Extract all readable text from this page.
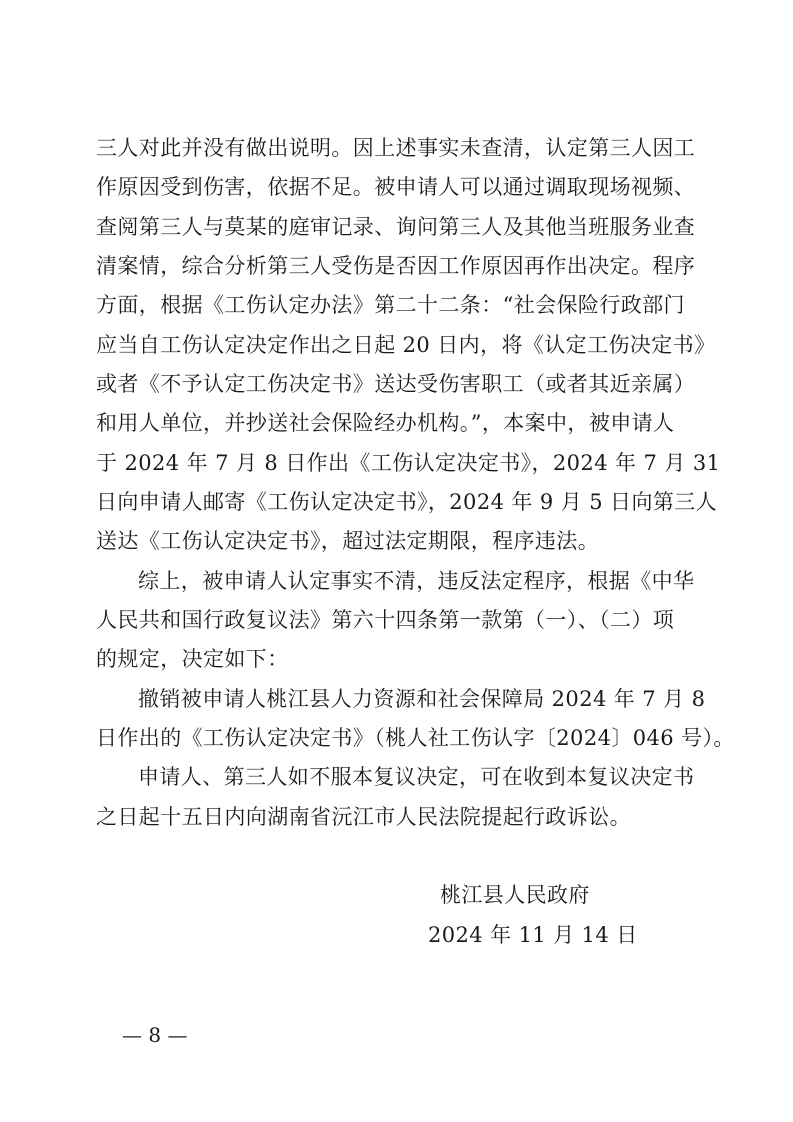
三人对此并没有做出说明。因上述事实未查清，认定第三人因工
作原因受到伤害，依据不足。被申请人可以通过调取现场视频、
查阅第三人与莫某的庭审记录、询问第三人及其他当班服务业查
清案情，综合分析第三人受伤是否因工作原因再作出决定。程序
方面，根据《工伤认定办法》第二十二条：“社会保险行政部门
应当自工伤认定决定作出之日起 20 日内，将《认定工伤决定书》
或者《不予认定工伤决定书》送达受伤害职工（或者其近亲属）
和用人单位，并抄送社会保险经办机构。”，本案中，被申请人
于 2024 年 7 月 8 日作出《工伤认定决定书》，2024 年 7 月 31
日向申请人邮寄《工伤认定决定书》，2024 年 9 月 5 日向第三人
送达《工伤认定决定书》，超过法定期限，程序违法。
综上，被申请人认定事实不清，违反法定程序，根据《中华
人民共和国行政复议法》第六十四条第一款第（一）、（二）项
的规定，决定如下：
撤销被申请人桃江县人力资源和社会保障局 2024 年 7 月 8
日作出的《工伤认定决定书》（桃人社工伤认字〔2024〕046 号）。
申请人、第三人如不服本复议决定，可在收到本复议决定书
之日起十五日内向湖南省沅江市人民法院提起行政诉讼。
桃江县人民政府
2024 年 11 月 14 日
— 8 —
